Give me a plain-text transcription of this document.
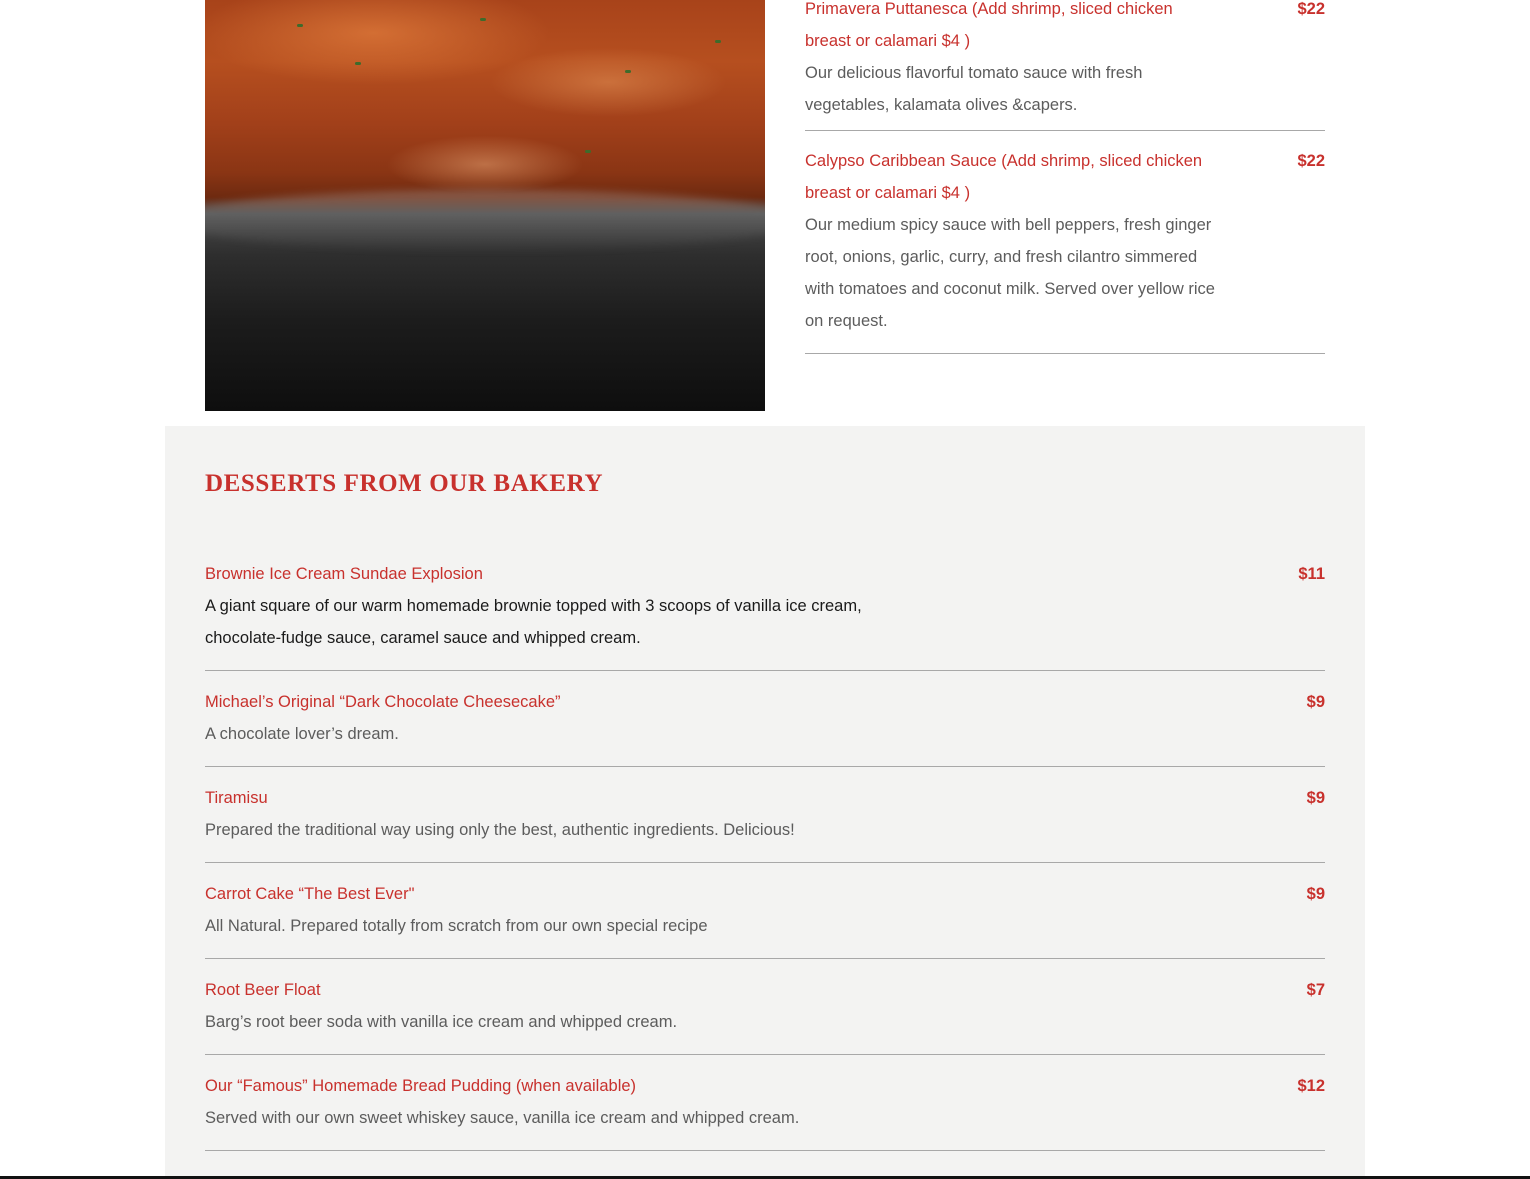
Primavera Puttanesca (Add shrimp, sliced chicken breast or calamari $4 )
$22
Our delicious flavorful tomato sauce with fresh vegetables, kalamata olives &capers.
Calypso Caribbean Sauce (Add shrimp, sliced chicken breast or calamari $4 )
$22
Our medium spicy sauce with bell peppers, fresh ginger root, onions, garlic, curry, and fresh cilantro simmered with tomatoes and coconut milk. Served over yellow rice on request.
DESSERTS FROM OUR BAKERY
Brownie Ice Cream Sundae Explosion	$11
A giant square of our warm homemade brownie topped with 3 scoops of vanilla ice cream, chocolate-fudge sauce, caramel sauce and whipped cream.
Michael’s Original “Dark Chocolate Cheesecake”	$9
A chocolate lover’s dream.
Tiramisu	$9
Prepared the traditional way using only the best, authentic ingredients. Delicious!
Carrot Cake “The Best Ever"	$9
All Natural. Prepared totally from scratch from our own special recipe
Root Beer Float	$7
Barg’s root beer soda with vanilla ice cream and whipped cream.
Our “Famous” Homemade Bread Pudding (when available)	$12
Served with our own sweet whiskey sauce, vanilla ice cream and whipped cream.
